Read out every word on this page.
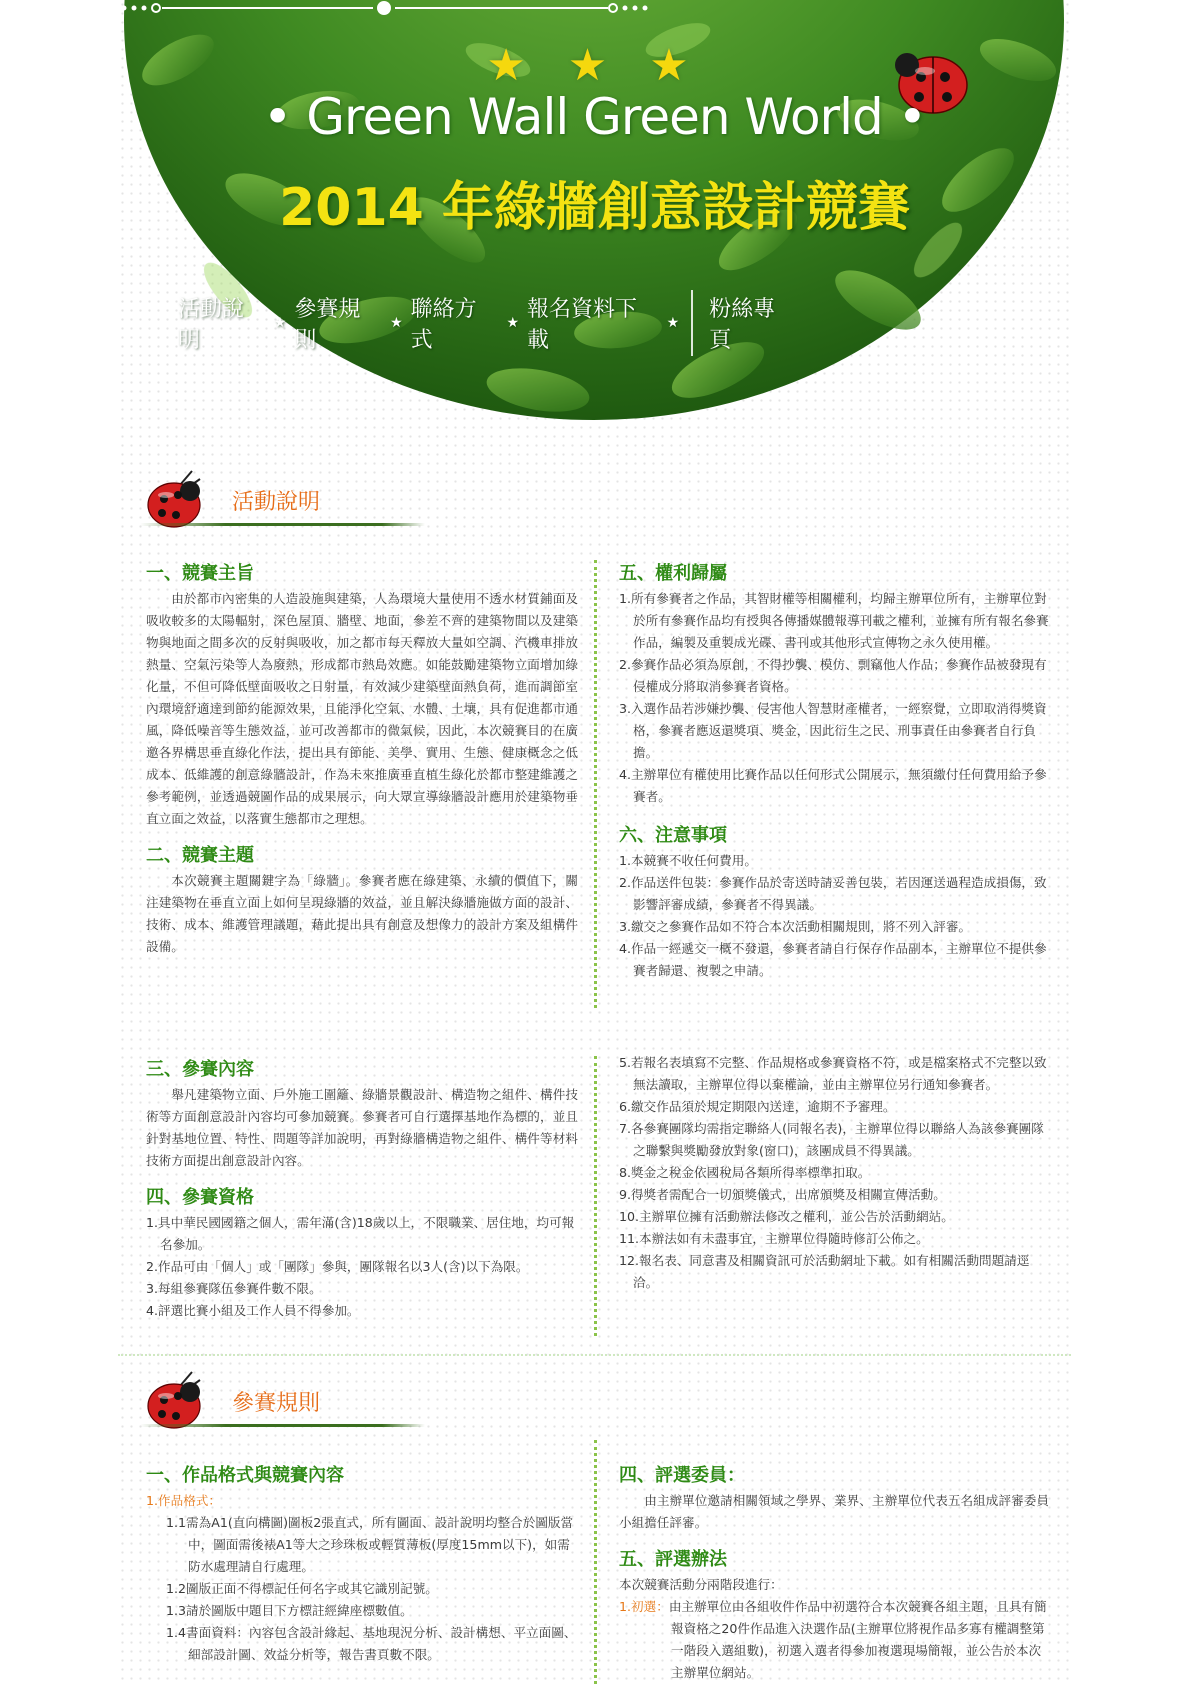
★ ★ ★
• Green Wall Green World •
2014 年綠牆創意設計競賽
活動說明
★
參賽規則
★
聯絡方式
★
報名資料下載
★
粉絲專頁
活動說明
一、競賽主旨
由於都市內密集的人造設施與建築，人為環境大量使用不透水材質鋪面及吸收較多的太陽輻射，深色屋頂、牆壁、地面，參差不齊的建築物間以及建築物與地面之間多次的反射與吸收，加之都市每天釋放大量如空調、汽機車排放熱量、空氣污染等人為廢熱，形成都市熱島效應。如能鼓勵建築物立面增加綠化量，不但可降低壁面吸收之日射量，有效減少建築壁面熱負荷，進而調節室內環境舒適達到節約能源效果，且能淨化空氣、水體、土壤，具有促進都市通風，降低噪音等生態效益，並可改善都市的微氣候，因此，本次競賽目的在廣邀各界構思垂直綠化作法，提出具有節能、美學、實用、生態、健康概念之低成本、低維護的創意綠牆設計，作為未來推廣垂直植生綠化於都市整建維護之參考範例，並透過競圖作品的成果展示，向大眾宣導綠牆設計應用於建築物垂直立面之效益，以落實生態都市之理想。
二、競賽主題
本次競賽主題關鍵字為「綠牆」。參賽者應在綠建築、永續的價值下，關注建築物在垂直立面上如何呈現綠牆的效益，並且解決綠牆施做方面的設計、技術、成本、維護管理議題，藉此提出具有創意及想像力的設計方案及組構件設備。
五、權利歸屬
1.所有參賽者之作品，其智財權等相關權利，均歸主辦單位所有，主辦單位對於所有參賽作品均有授與各傳播媒體報導刊載之權利，並擁有所有報名參賽作品，編製及重製成光碟、書刊或其他形式宣傳物之永久使用權。
2.參賽作品必須為原創，不得抄襲、模仿、剽竊他人作品；參賽作品被發現有侵權成分將取消參賽者資格。
3.入選作品若涉嫌抄襲、侵害他人智慧財產權者，一經察覺，立即取消得獎資格，參賽者應返還獎項、獎金，因此衍生之民、刑事責任由參賽者自行負擔。
4.主辦單位有權使用比賽作品以任何形式公開展示，無須繳付任何費用給予參賽者。
六、注意事項
1.本競賽不收任何費用。
2.作品送件包裝：參賽作品於寄送時請妥善包裝，若因運送過程造成損傷，致影響評審成績，參賽者不得異議。
3.繳交之參賽作品如不符合本次活動相關規則，將不列入評審。
4.作品一經遞交一概不發還，參賽者請自行保存作品副本，主辦單位不提供參賽者歸還、複製之申請。
三、參賽內容
舉凡建築物立面、戶外施工圍籬、綠牆景觀設計、構造物之組件、構件技術等方面創意設計內容均可參加競賽。參賽者可自行選擇基地作為標的，並且針對基地位置、特性、問題等詳加說明，再對綠牆構造物之組件、構件等材料技術方面提出創意設計內容。
四、參賽資格
1.具中華民國國籍之個人，需年滿(含)18歲以上，不限職業、居住地，均可報名參加。
2.作品可由「個人」或「團隊」參與，團隊報名以3人(含)以下為限。
3.每組參賽隊伍參賽件數不限。
4.評選比賽小組及工作人員不得參加。
5.若報名表填寫不完整、作品規格或參賽資格不符，或是檔案格式不完整以致無法讀取，主辦單位得以棄權論，並由主辦單位另行通知參賽者。
6.繳交作品須於規定期限內送達，逾期不予審理。
7.各參賽團隊均需指定聯絡人(同報名表)，主辦單位得以聯絡人為該參賽團隊之聯繫與獎勵發放對象(窗口)，該團成員不得異議。
8.獎金之稅金依國稅局各類所得率標準扣取。
9.得獎者需配合一切頒獎儀式，出席頒獎及相關宣傳活動。
10.主辦單位擁有活動辦法修改之權利，並公告於活動網站。
11.本辦法如有未盡事宜，主辦單位得隨時修訂公佈之。
12.報名表、同意書及相關資訊可於活動網址下載。如有相關活動問題請逕洽。
參賽規則
一、作品格式與競賽內容
1.作品格式：
1.1需為A1(直向構圖)圖板2張直式，所有圖面、設計說明均整合於圖版當中，圖面需後裱A1等大之珍珠板或輕質薄板(厚度15mm以下)，如需防水處理請自行處理。
1.2圖版正面不得標記任何名字或其它識別記號。
1.3請於圖版中題目下方標註經緯座標數值。
1.4書面資料：內容包含設計緣起、基地現況分析、設計構想、平立面圖、細部設計圖、效益分析等，報告書頁數不限。
四、評選委員：
由主辦單位邀請相關領域之學界、業界、主辦單位代表五名組成評審委員小組擔任評審。
五、評選辦法
本次競賽活動分兩階段進行：
1.初選：由主辦單位由各組收件作品中初選符合本次競賽各組主題，且具有簡報資格之20件作品進入決選作品(主辦單位將視作品多寡有權調整第一階段入選組數)，初選入選者得參加複選現場簡報，並公告於本次主辦單位網站。
